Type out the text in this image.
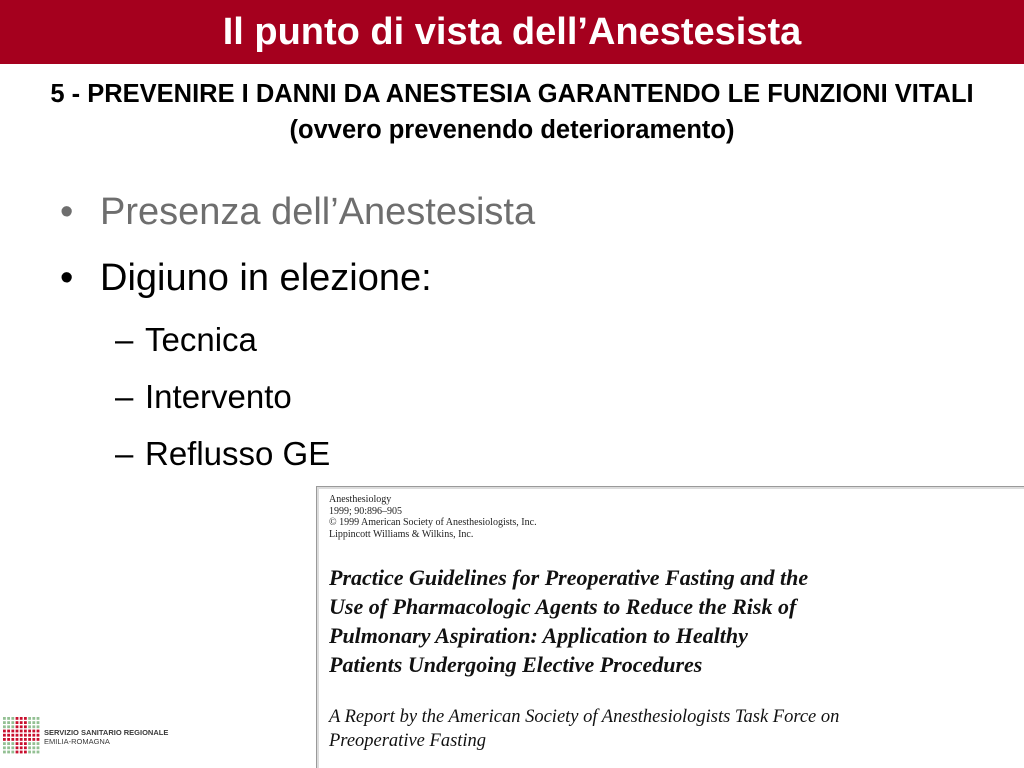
Il punto di vista dell’Anestesista
5 - PREVENIRE I DANNI DA ANESTESIA GARANTENDO LE FUNZIONI VITALI (ovvero prevenendo deterioramento)
• Presenza dell’Anestesista
• Digiuno in elezione:
– Tecnica
– Intervento
– Reflusso GE
Anesthesiology
1999; 90:896–905
© 1999 American Society of Anesthesiologists, Inc.
Lippincott Williams & Wilkins, Inc.
Practice Guidelines for Preoperative Fasting and the
Use of Pharmacologic Agents to Reduce the Risk of
Pulmonary Aspiration: Application to Healthy
Patients Undergoing Elective Procedures
A Report by the American Society of Anesthesiologists Task Force on
Preoperative Fasting
SERVIZIO SANITARIO REGIONALE
EMILIA-ROMAGNA
